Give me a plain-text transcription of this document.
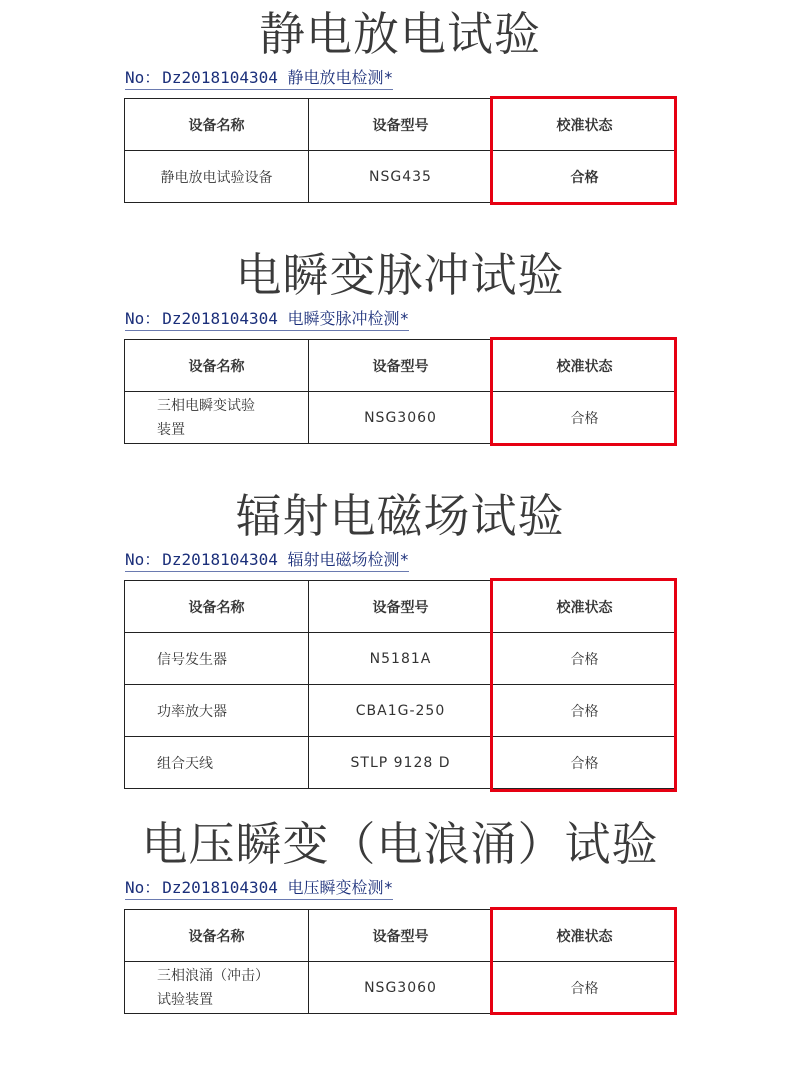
静电放电试验
No： Dz2018104304 静电放电检测*
设备名称	设备型号	校准状态
静电放电试验设备	NSG435	合格
电瞬变脉冲试验
No： Dz2018104304 电瞬变脉冲检测*
设备名称	设备型号	校准状态
三相电瞬变试验
装置	NSG3060	合格
辐射电磁场试验
No： Dz2018104304 辐射电磁场检测*
设备名称	设备型号	校准状态
信号发生器	N5181A	合格
功率放大器	CBA1G-250	合格
组合天线	STLP 9128 D	合格
电压瞬变（电浪涌）试验
No： Dz2018104304 电压瞬变检测*
设备名称	设备型号	校准状态
三相浪涌（冲击）
试验装置	NSG3060	合格
